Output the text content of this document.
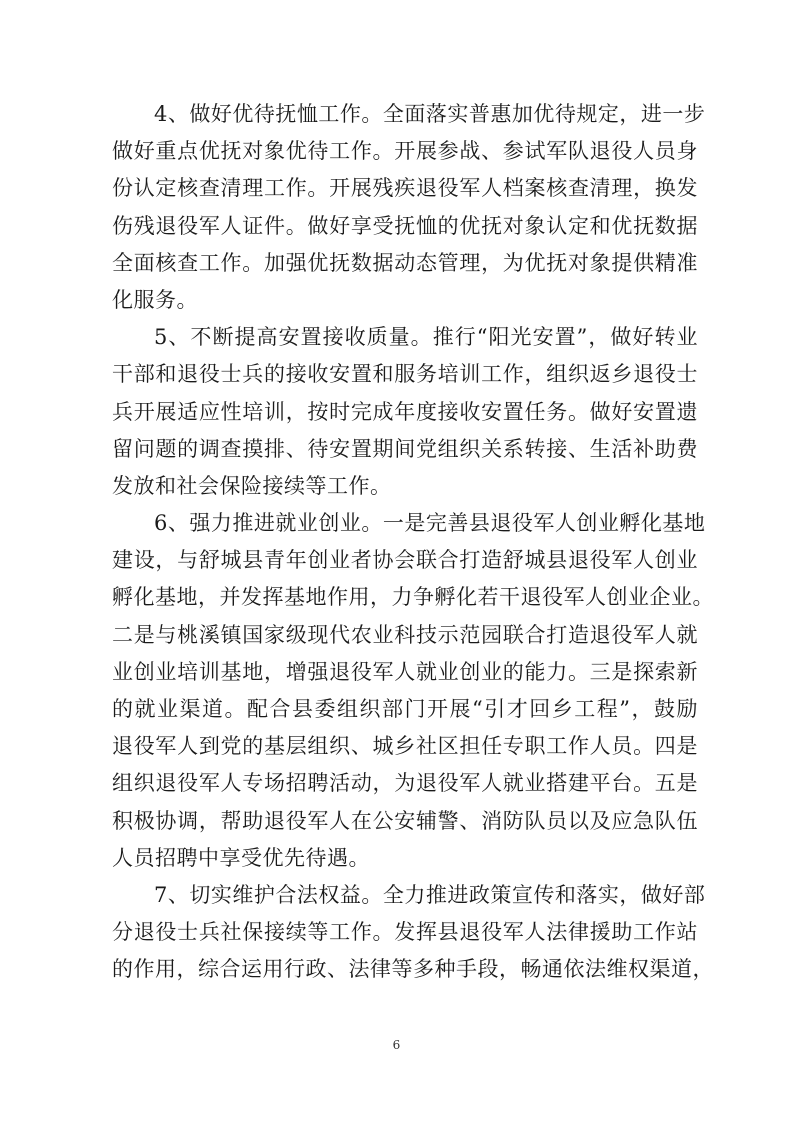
4、做好优待抚恤工作。全面落实普惠加优待规定，进一步
做好重点优抚对象优待工作。开展参战、参试军队退役人员身
份认定核查清理工作。开展残疾退役军人档案核查清理，换发
伤残退役军人证件。做好享受抚恤的优抚对象认定和优抚数据
全面核查工作。加强优抚数据动态管理，为优抚对象提供精准
化服务。
5、不断提高安置接收质量。推行“阳光安置”，做好转业
干部和退役士兵的接收安置和服务培训工作，组织返乡退役士
兵开展适应性培训，按时完成年度接收安置任务。做好安置遗
留问题的调查摸排、待安置期间党组织关系转接、生活补助费
发放和社会保险接续等工作。
6、强力推进就业创业。一是完善县退役军人创业孵化基地
建设，与舒城县青年创业者协会联合打造舒城县退役军人创业
孵化基地，并发挥基地作用，力争孵化若干退役军人创业企业。
二是与桃溪镇国家级现代农业科技示范园联合打造退役军人就
业创业培训基地，增强退役军人就业创业的能力。三是探索新
的就业渠道。配合县委组织部门开展“引才回乡工程”，鼓励
退役军人到党的基层组织、城乡社区担任专职工作人员。四是
组织退役军人专场招聘活动，为退役军人就业搭建平台。五是
积极协调，帮助退役军人在公安辅警、消防队员以及应急队伍
人员招聘中享受优先待遇。
7、切实维护合法权益。全力推进政策宣传和落实，做好部
分退役士兵社保接续等工作。发挥县退役军人法律援助工作站
的作用，综合运用行政、法律等多种手段，畅通依法维权渠道，
6
